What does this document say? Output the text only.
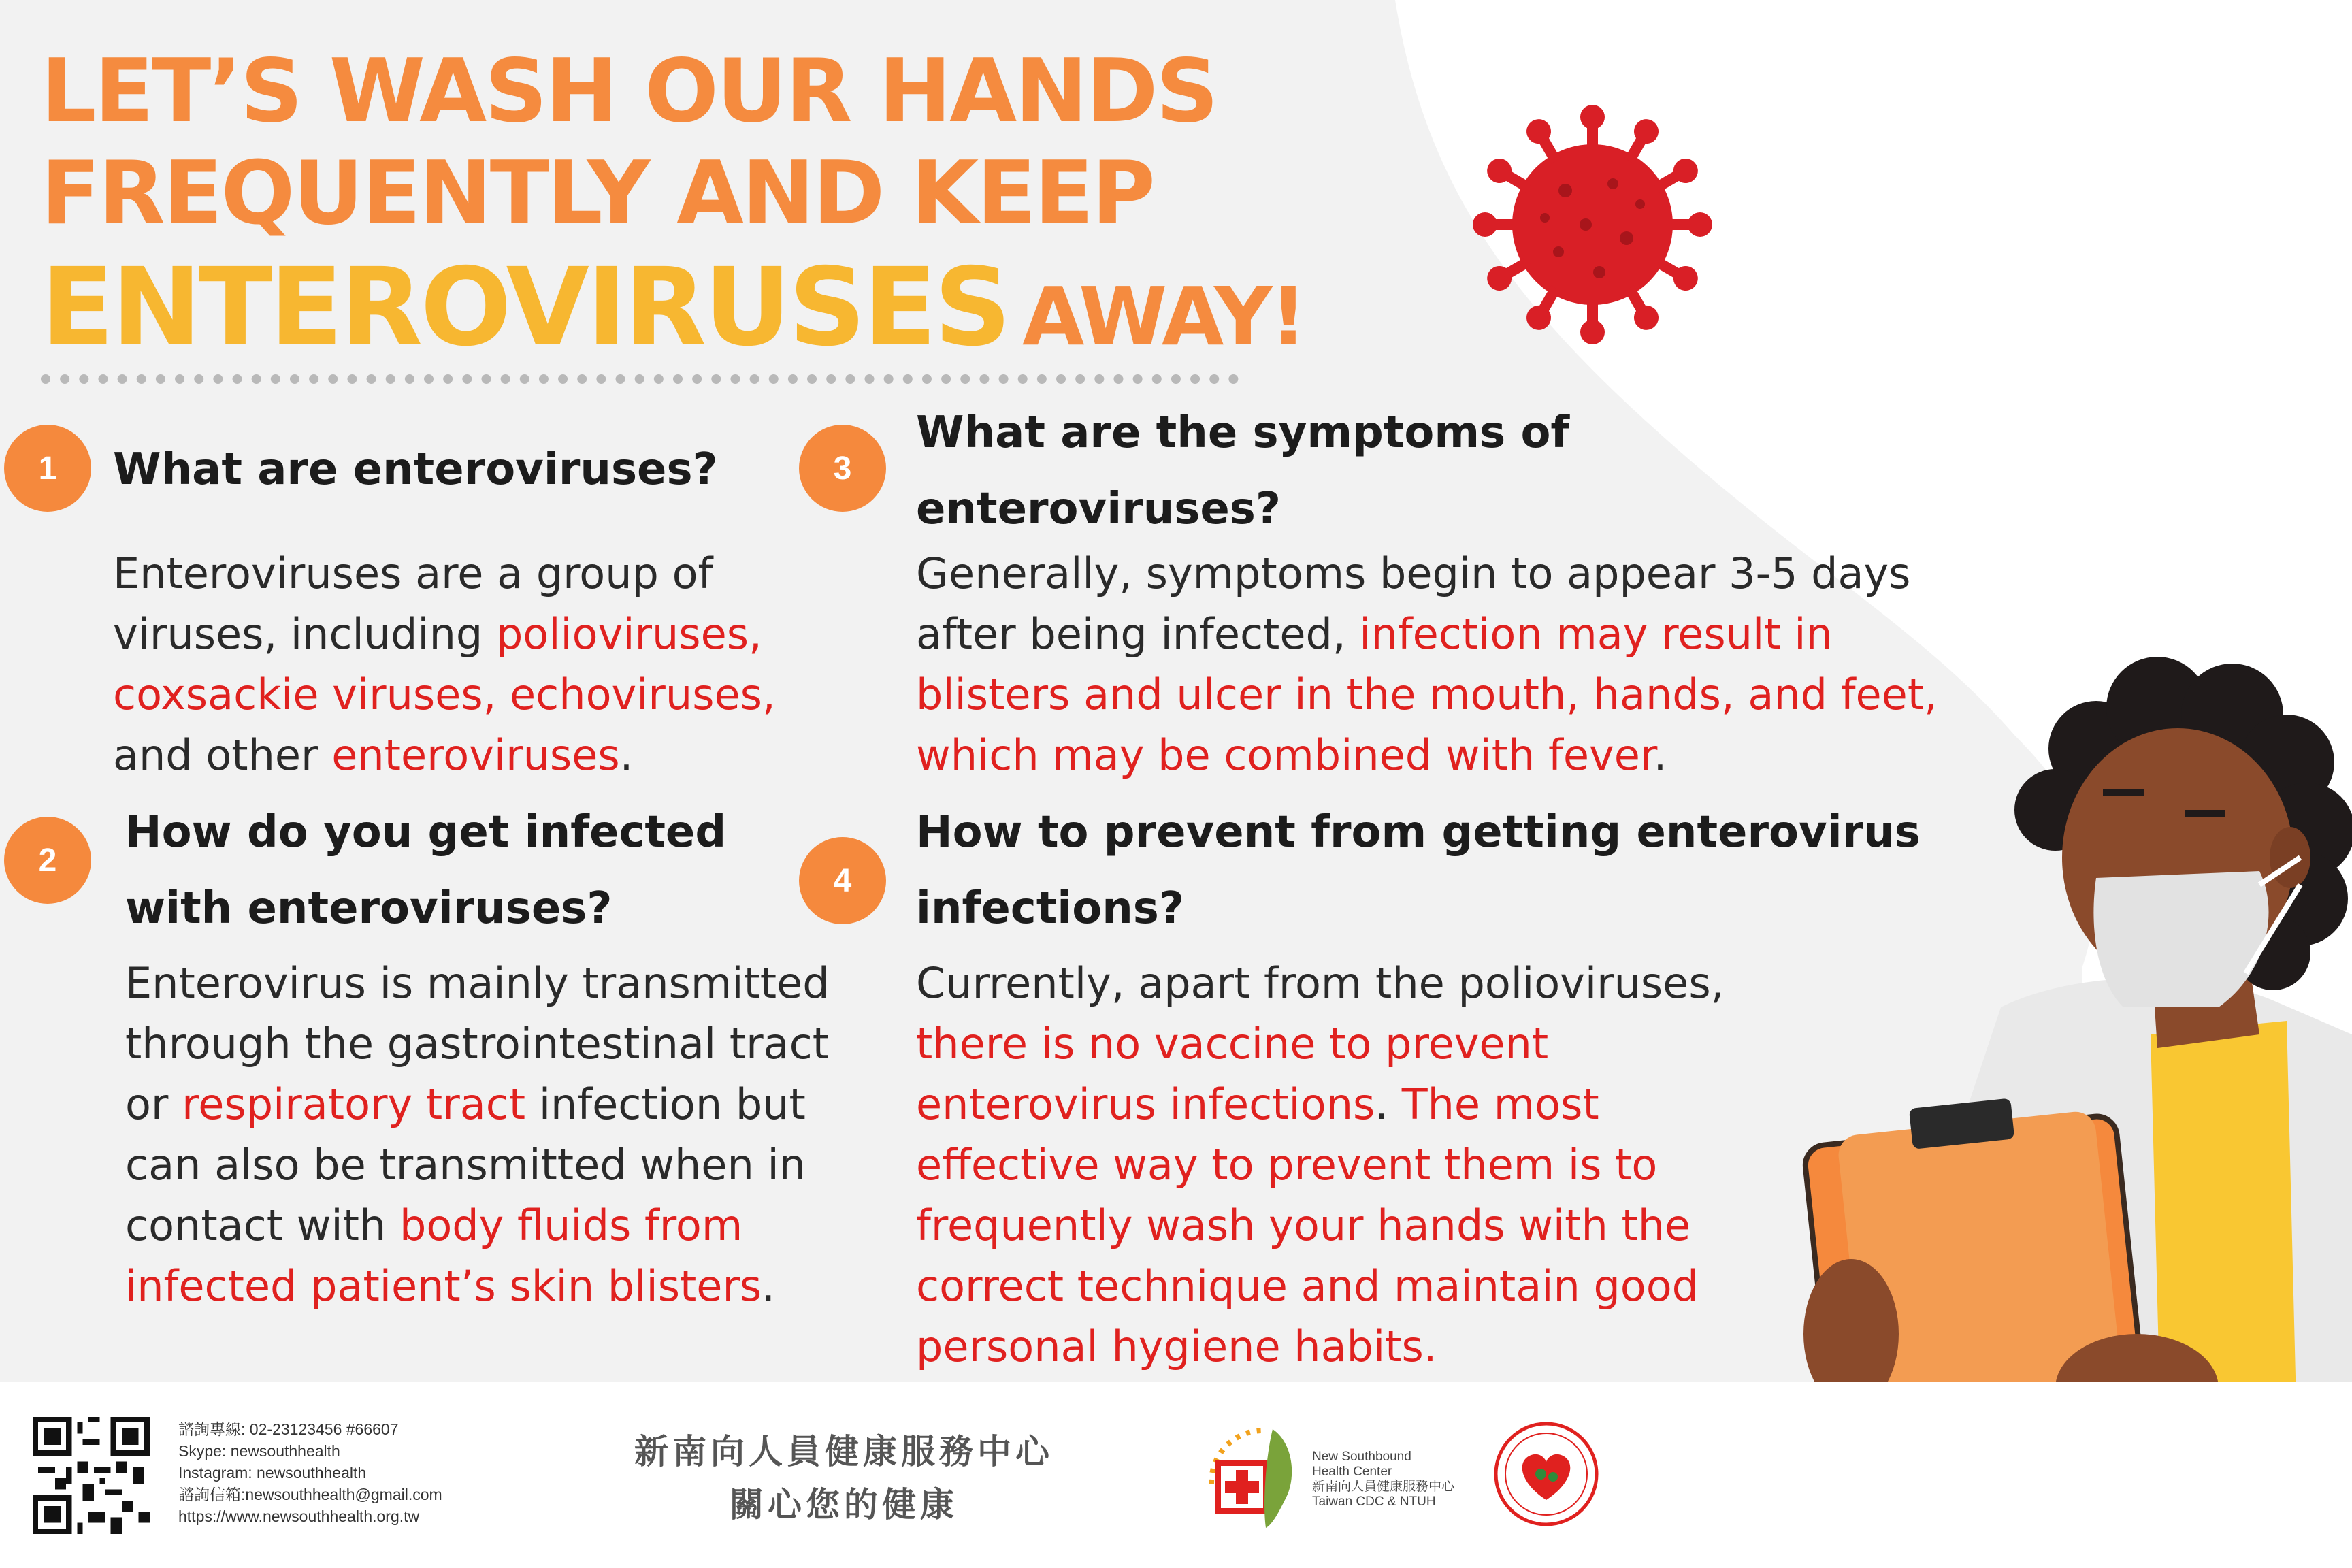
LET’S WASH OUR HANDS
FREQUENTLY AND KEEP
ENTEROVIRUSES AWAY!
1	What are enteroviruses?
Enteroviruses are a group of
viruses, including polioviruses,
coxsackie viruses, echoviruses,
and other enteroviruses.
2
How do you get infected
with enteroviruses?
Enterovirus is mainly transmitted
through the gastrointestinal tract
or respiratory tract infection but
can also be transmitted when in
contact with body fluids from
infected patient’s skin blisters.
3
What are the symptoms of
enteroviruses?
Generally, symptoms begin to appear 3-5 days
after being infected, infection may result in
blisters and ulcer in the mouth, hands, and feet,
which may be combined with fever.
4
How to prevent from getting enterovirus
infections?
Currently, apart from the polioviruses,
there is no vaccine to prevent
enterovirus infections. The most
effective way to prevent them is to
frequently wash your hands with the
correct technique and maintain good
personal hygiene habits.
諮詢專線: 02-23123456 #66607
Skype: newsouthhealth
Instagram: newsouthhealth
諮詢信箱:newsouthhealth@gmail.com
https://www.newsouthhealth.org.tw
新南向人員健康服務中心
關心您的健康
New Southbound
Health Center
新南向人員健康服務中心
Taiwan CDC & NTUH
